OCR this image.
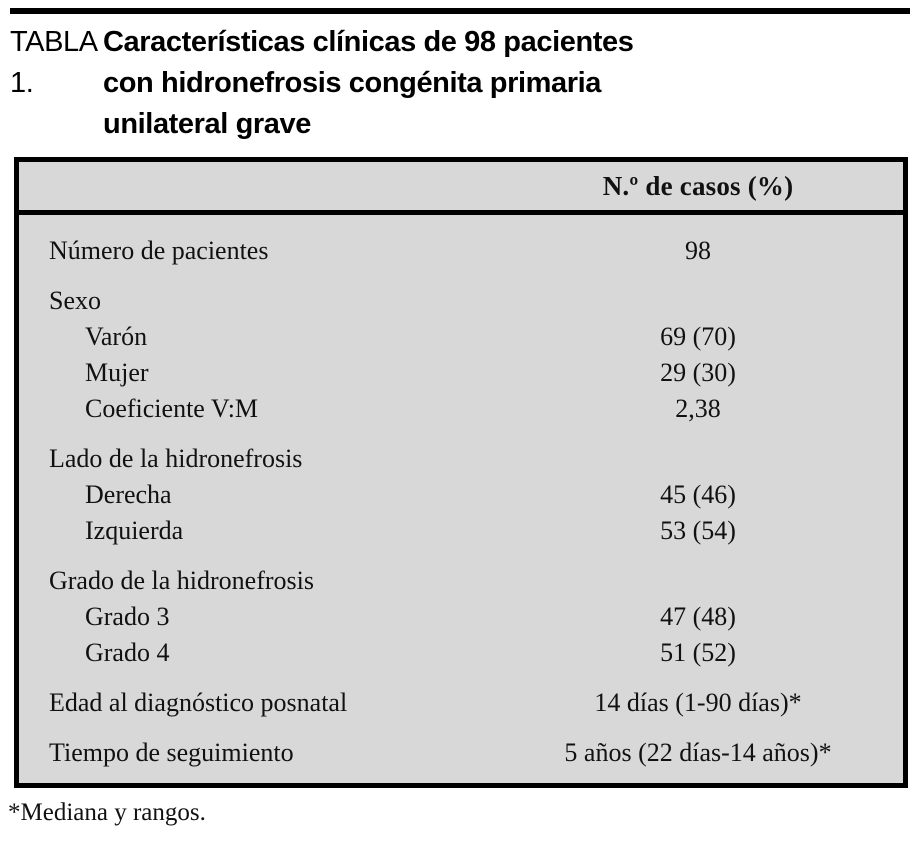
TABLA 1.
Características clínicas de 98 pacientes
con hidronefrosis congénita primaria
unilateral grave
N.º de casos (%)
Número de pacientes	98
Sexo
Varón	69 (70)
Mujer	29 (30)
Coeficiente V:M	2,38
Lado de la hidronefrosis
Derecha	45 (46)
Izquierda	53 (54)
Grado de la hidronefrosis
Grado 3	47 (48)
Grado 4	51 (52)
Edad al diagnóstico posnatal	14 días (1-90 días)*
Tiempo de seguimiento	5 años (22 días-14 años)*
*Mediana y rangos.
